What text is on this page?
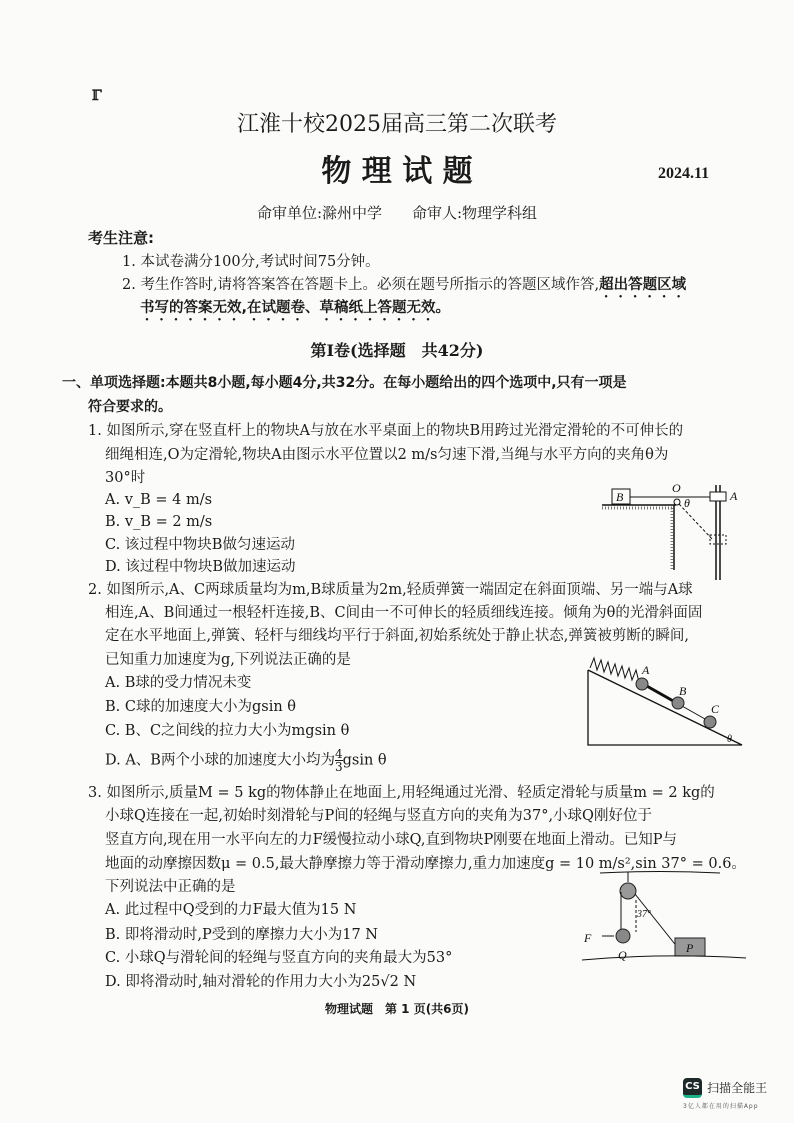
ℾ
江淮十校2025届高三第二次联考
物 理 试 题	2024.11
命审单位:滁州中学　　命审人:物理学科组
考生注意:
1. 本试卷满分100分,考试时间75分钟。
2. 考生作答时,请将答案答在答题卡上。必须在题号所指示的答题区域作答,超出答题区域
书写的答案无效,在试题卷、草稿纸上答题无效。
第Ⅰ卷(选择题　共42分)
一、单项选择题:本题共8小题,每小题4分,共32分。在每小题给出的四个选项中,只有一项是
符合要求的。
1. 如图所示,穿在竖直杆上的物块A与放在水平桌面上的物块B用跨过光滑定滑轮的不可伸长的
细绳相连,O为定滑轮,物块A由图示水平位置以2 m/s匀速下滑,当绳与水平方向的夹角θ为
30°时
A. v_B = 4 m/s
B. v_B = 2 m/s
C. 该过程中物块B做匀速运动
D. 该过程中物块B做加速运动
B
O
θ	A
2. 如图所示,A、C两球质量均为m,B球质量为2m,轻质弹簧一端固定在斜面顶端、另一端与A球
相连,A、B间通过一根轻杆连接,B、C间由一不可伸长的轻质细线连接。倾角为θ的光滑斜面固
定在水平地面上,弹簧、轻杆与细线均平行于斜面,初始系统处于静止状态,弹簧被剪断的瞬间,
已知重力加速度为g,下列说法正确的是
A. B球的受力情况未变
B. C球的加速度大小为gsin θ
C. B、C之间线的拉力大小为mgsin θ
D. A、B两个小球的加速度大小均为 $\frac{4}{3}$ gsin θ
A
B
C
θ
3. 如图所示,质量M = 5 kg的物体静止在地面上,用轻绳通过光滑、轻质定滑轮与质量m = 2 kg的
小球Q连接在一起,初始时刻滑轮与P间的轻绳与竖直方向的夹角为37°,小球Q刚好位于
竖直方向,现在用一水平向左的力F缓慢拉动小球Q,直到物块P刚要在地面上滑动。已知P与
地面的动摩擦因数μ = 0.5,最大静摩擦力等于滑动摩擦力,重力加速度g = 10 m/s²,sin 37° = 0.6。
下列说法中正确的是
A. 此过程中Q受到的力F最大值为15 N
B. 即将滑动时,P受到的摩擦力大小为17 N
C. 小球Q与滑轮间的轻绳与竖直方向的夹角最大为53°
D. 即将滑动时,轴对滑轮的作用力大小为25√2 N
37°
F
Q	P
物理试题　第 1 页(共6页)
CS 扫描全能王
3亿人都在用的扫描App
